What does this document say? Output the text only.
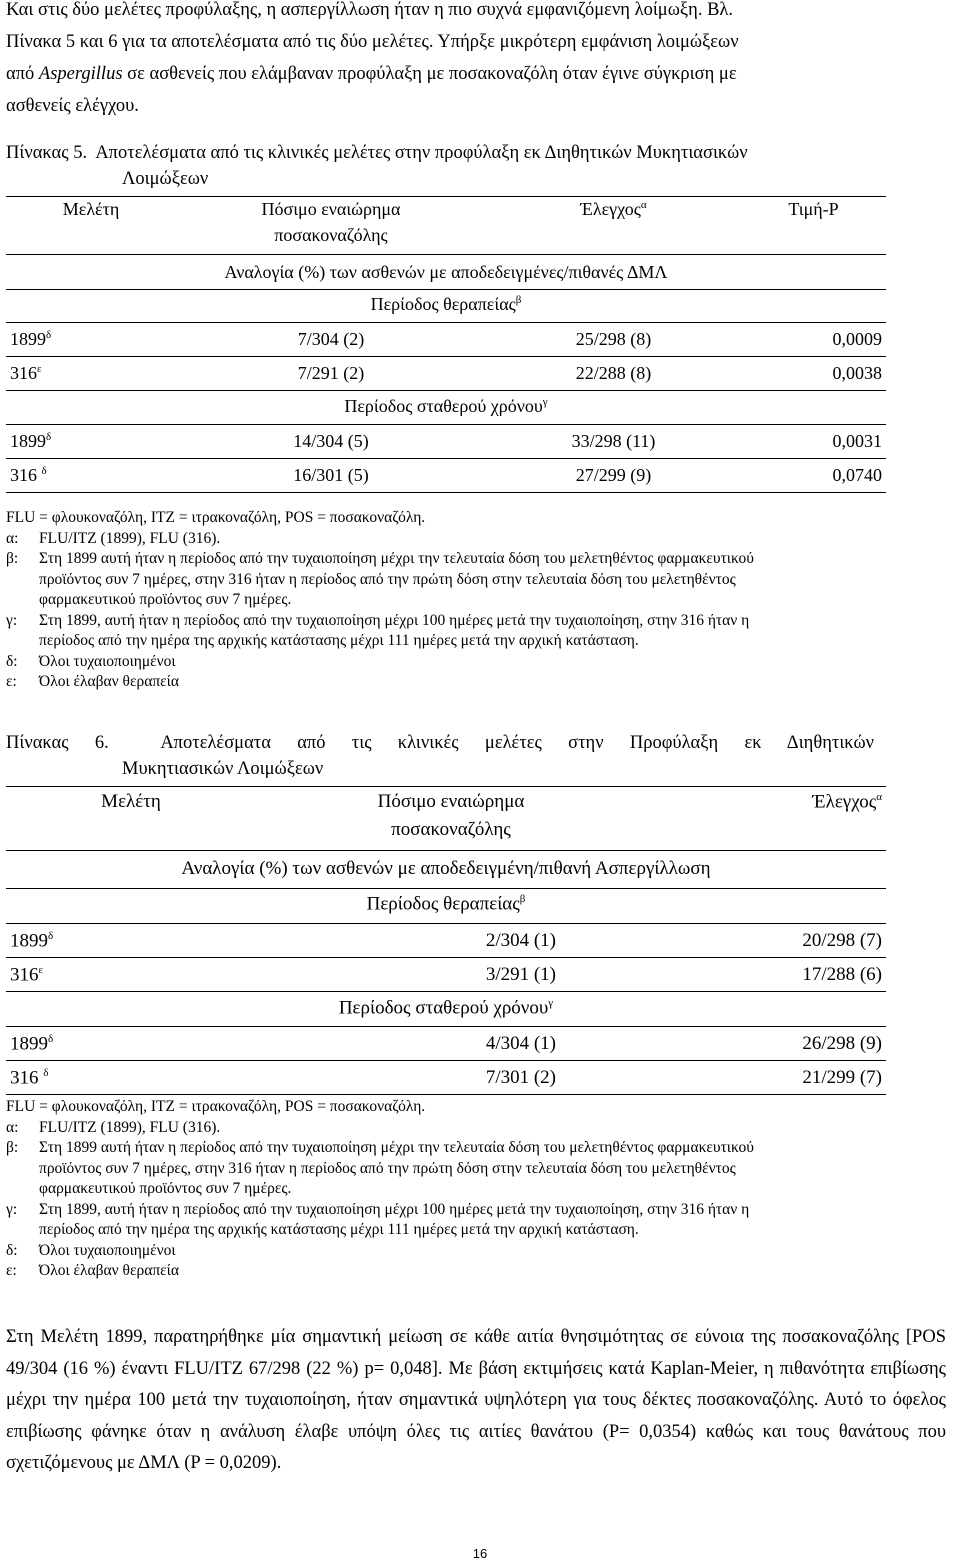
Και στις δύο μελέτες προφύλαξης, η ασπεργίλλωση ήταν η πιο συχνά εμφανιζόμενη λοίμωξη. Βλ.

Πίνακα 5 και 6 για τα αποτελέσματα από τις δύο μελέτες. Υπήρξε μικρότερη εμφάνιση λοιμώξεων

από Aspergillus σε ασθενείς που ελάμβαναν προφύλαξη με ποσακοναζόλη όταν έγινε σύγκριση με

ασθενείς ελέγχου.

Πίνακας 5. Αποτελέσματα από τις κλινικές μελέτες στην προφύλαξη εκ Διηθητικών Μυκητιασικών
Λοιμώξεων
Μελέτη	Πόσιμο εναιώρημα	Έλεγχος$^\alpha$	Τιμή-P
	ποσακοναζόλης		
Αναλογία (%) των ασθενών με αποδεδειγμένες/πιθανές ΔΜΛ			
Περίοδος θεραπείας$^\beta$
$1899^\delta$	7/304 (2)	25/298 (8)	0,0009
$316^\varepsilon$	7/291 (2)	22/288 (8)	0,0038
Περίοδος σταθερού χρόνου$^\gamma$
$1899^\delta$	14/304 (5)	33/298 (11)	0,0031
316 $^\delta$	16/301 (5)	27/299 (9)	0,0740
FLU = φλουκοναζόλη, ITZ = ιτρακοναζόλη, POS = ποσακοναζόλη.
α:	FLU/ITZ (1899), FLU (316).
β:	Στη 1899 αυτή ήταν η περίοδος από την τυχαιοποίηση μέχρι την τελευταία δόση του μελετηθέντος φαρμακευτικού
προϊόντος συν 7 ημέρες, στην 316 ήταν η περίοδος από την πρώτη δόση στην τελευταία δόση του μελετηθέντος
φαρμακευτικού προϊόντος συν 7 ημέρες.
γ:	Στη 1899, αυτή ήταν η περίοδος από την τυχαιοποίηση μέχρι 100 ημέρες μετά την τυχαιοποίηση, στην 316 ήταν η
περίοδος από την ημέρα της αρχικής κατάστασης μέχρι 111 ημέρες μετά την αρχική κατάσταση.
δ:	Όλοι τυχαιοποιημένοι
ε:	Όλοι έλαβαν θεραπεία
Πίνακας 6.	Αποτελέσματα από τις κλινικές μελέτες στην Προφύλαξη εκ Διηθητικών
Μυκητιασικών Λοιμώξεων
Μελέτη	Πόσιμο εναιώρημα	Έλεγχος$^\alpha$
	ποσακοναζόλης	
Αναλογία (%) των ασθενών με αποδεδειγμένη/πιθανή Ασπεργίλλωση		
Περίοδος θεραπείας$^\beta$
$1899^\delta$	2/304 (1)	20/298 (7)
$316^\varepsilon$	3/291 (1)	17/288 (6)
Περίοδος σταθερού χρόνου$^\gamma$
$1899^\delta$	4/304 (1)	26/298 (9)
316 $^\delta$	7/301 (2)	21/299 (7)
FLU = φλουκοναζόλη, ITZ = ιτρακοναζόλη, POS = ποσακοναζόλη.
α:	FLU/ITZ (1899), FLU (316).
β:	Στη 1899 αυτή ήταν η περίοδος από την τυχαιοποίηση μέχρι την τελευταία δόση του μελετηθέντος φαρμακευτικού
προϊόντος συν 7 ημέρες, στην 316 ήταν η περίοδος από την πρώτη δόση στην τελευταία δόση του μελετηθέντος
φαρμακευτικού προϊόντος συν 7 ημέρες.
γ:	Στη 1899, αυτή ήταν η περίοδος από την τυχαιοποίηση μέχρι 100 ημέρες μετά την τυχαιοποίηση, στην 316 ήταν η
περίοδος από την ημέρα της αρχικής κατάστασης μέχρι 111 ημέρες μετά την αρχική κατάσταση.
δ:	Όλοι τυχαιοποιημένοι
ε:	Όλοι έλαβαν θεραπεία
Στη Μελέτη 1899, παρατηρήθηκε μία σημαντική μείωση σε κάθε αιτία θνησιμότητας σε εύνοια της ποσακοναζόλης [POS 49/304 (16 %) έναντι FLU/ITZ 67/298 (22 %) p= 0,048]. Με βάση εκτιμήσεις κατά Kaplan-Meier, η πιθανότητα επιβίωσης μέχρι την ημέρα 100 μετά την τυχαιοποίηση, ήταν σημαντικά υψηλότερη για τους δέκτες ποσακοναζόλης. Αυτό το όφελος επιβίωσης φάνηκε όταν η ανάλυση έλαβε υπόψη όλες τις αιτίες θανάτου (P= 0,0354) καθώς και τους θανάτους που σχετιζόμενους με ΔΜΛ (P = 0,0209).
16
